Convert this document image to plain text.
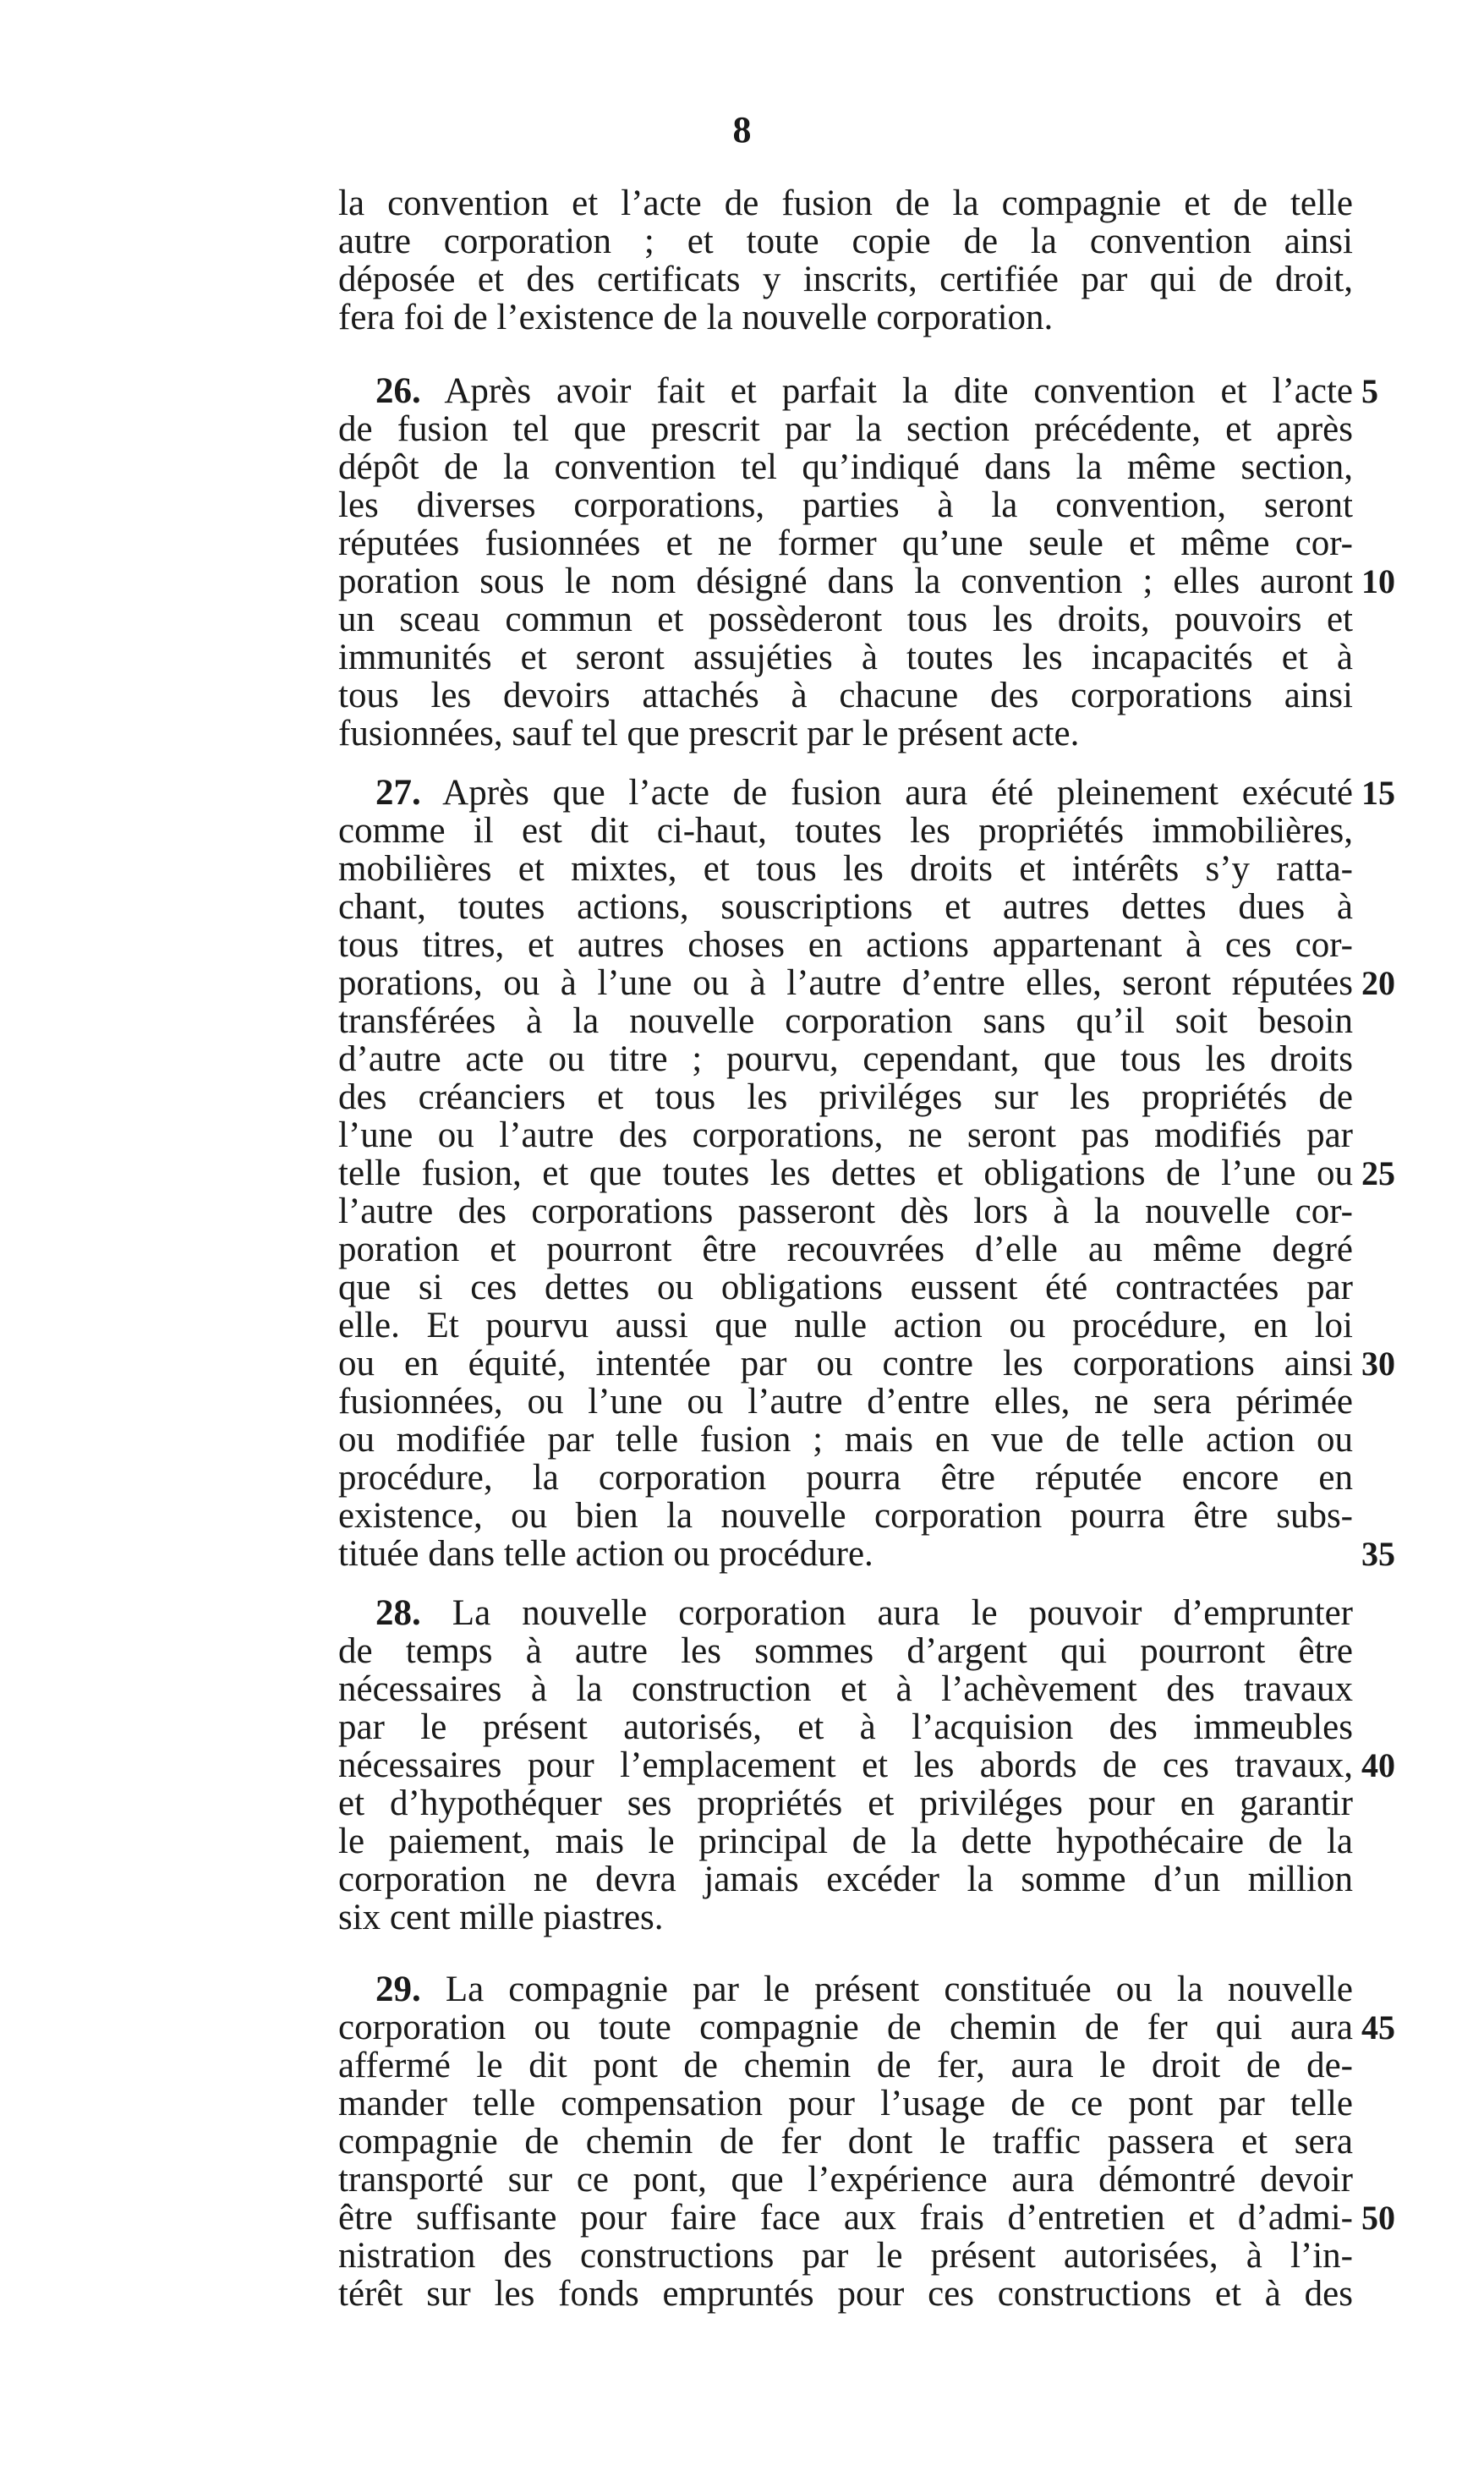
8
la convention et l’acte de fusion de la compagnie et de telle
autre corporation ; et toute copie de la convention ainsi
déposée et des certificats y inscrits, certifiée par qui de droit,
fera foi de l’existence de la nouvelle corporation.
26. Après avoir fait et parfait la dite convention et l’acte
de fusion tel que prescrit par la section précédente, et après
dépôt de la convention tel qu’indiqué dans la même section,
les diverses corporations, parties à la convention, seront
réputées fusionnées et ne former qu’une seule et même cor-
poration sous le nom désigné dans la convention ; elles auront
un sceau commun et possèderont tous les droits, pouvoirs et
immunités et seront assujéties à toutes les incapacités et à
tous les devoirs attachés à chacune des corporations ainsi
fusionnées, sauf tel que prescrit par le présent acte.
27. Après que l’acte de fusion aura été pleinement exécuté
comme il est dit ci-haut, toutes les propriétés immobilières,
mobilières et mixtes, et tous les droits et intérêts s’y ratta-
chant, toutes actions, souscriptions et autres dettes dues à
tous titres, et autres choses en actions appartenant à ces cor-
porations, ou à l’une ou à l’autre d’entre elles, seront réputées
transférées à la nouvelle corporation sans qu’il soit besoin
d’autre acte ou titre ; pourvu, cependant, que tous les droits
des créanciers et tous les priviléges sur les propriétés de
l’une ou l’autre des corporations, ne seront pas modifiés par
telle fusion, et que toutes les dettes et obligations de l’une ou
l’autre des corporations passeront dès lors à la nouvelle cor-
poration et pourront être recouvrées d’elle au même degré
que si ces dettes ou obligations eussent été contractées par
elle. Et pourvu aussi que nulle action ou procédure, en loi
ou en équité, intentée par ou contre les corporations ainsi
fusionnées, ou l’une ou l’autre d’entre elles, ne sera périmée
ou modifiée par telle fusion ; mais en vue de telle action ou
procédure, la corporation pourra être réputée encore en
existence, ou bien la nouvelle corporation pourra être subs-
tituée dans telle action ou procédure.
28. La nouvelle corporation aura le pouvoir d’emprunter
de temps à autre les sommes d’argent qui pourront être
nécessaires à la construction et à l’achèvement des travaux
par le présent autorisés, et à l’acquision des immeubles
nécessaires pour l’emplacement et les abords de ces travaux,
et d’hypothéquer ses propriétés et priviléges pour en garantir
le paiement, mais le principal de la dette hypothécaire de la
corporation ne devra jamais excéder la somme d’un million
six cent mille piastres.
29. La compagnie par le présent constituée ou la nouvelle
corporation ou toute compagnie de chemin de fer qui aura
affermé le dit pont de chemin de fer, aura le droit de de-
mander telle compensation pour l’usage de ce pont par telle
compagnie de chemin de fer dont le traffic passera et sera
transporté sur ce pont, que l’expérience aura démontré devoir
être suffisante pour faire face aux frais d’entretien et d’admi-
nistration des constructions par le présent autorisées, à l’in-
térêt sur les fonds empruntés pour ces constructions et à des
5
10
15
20
25
30
35
40
45
50
